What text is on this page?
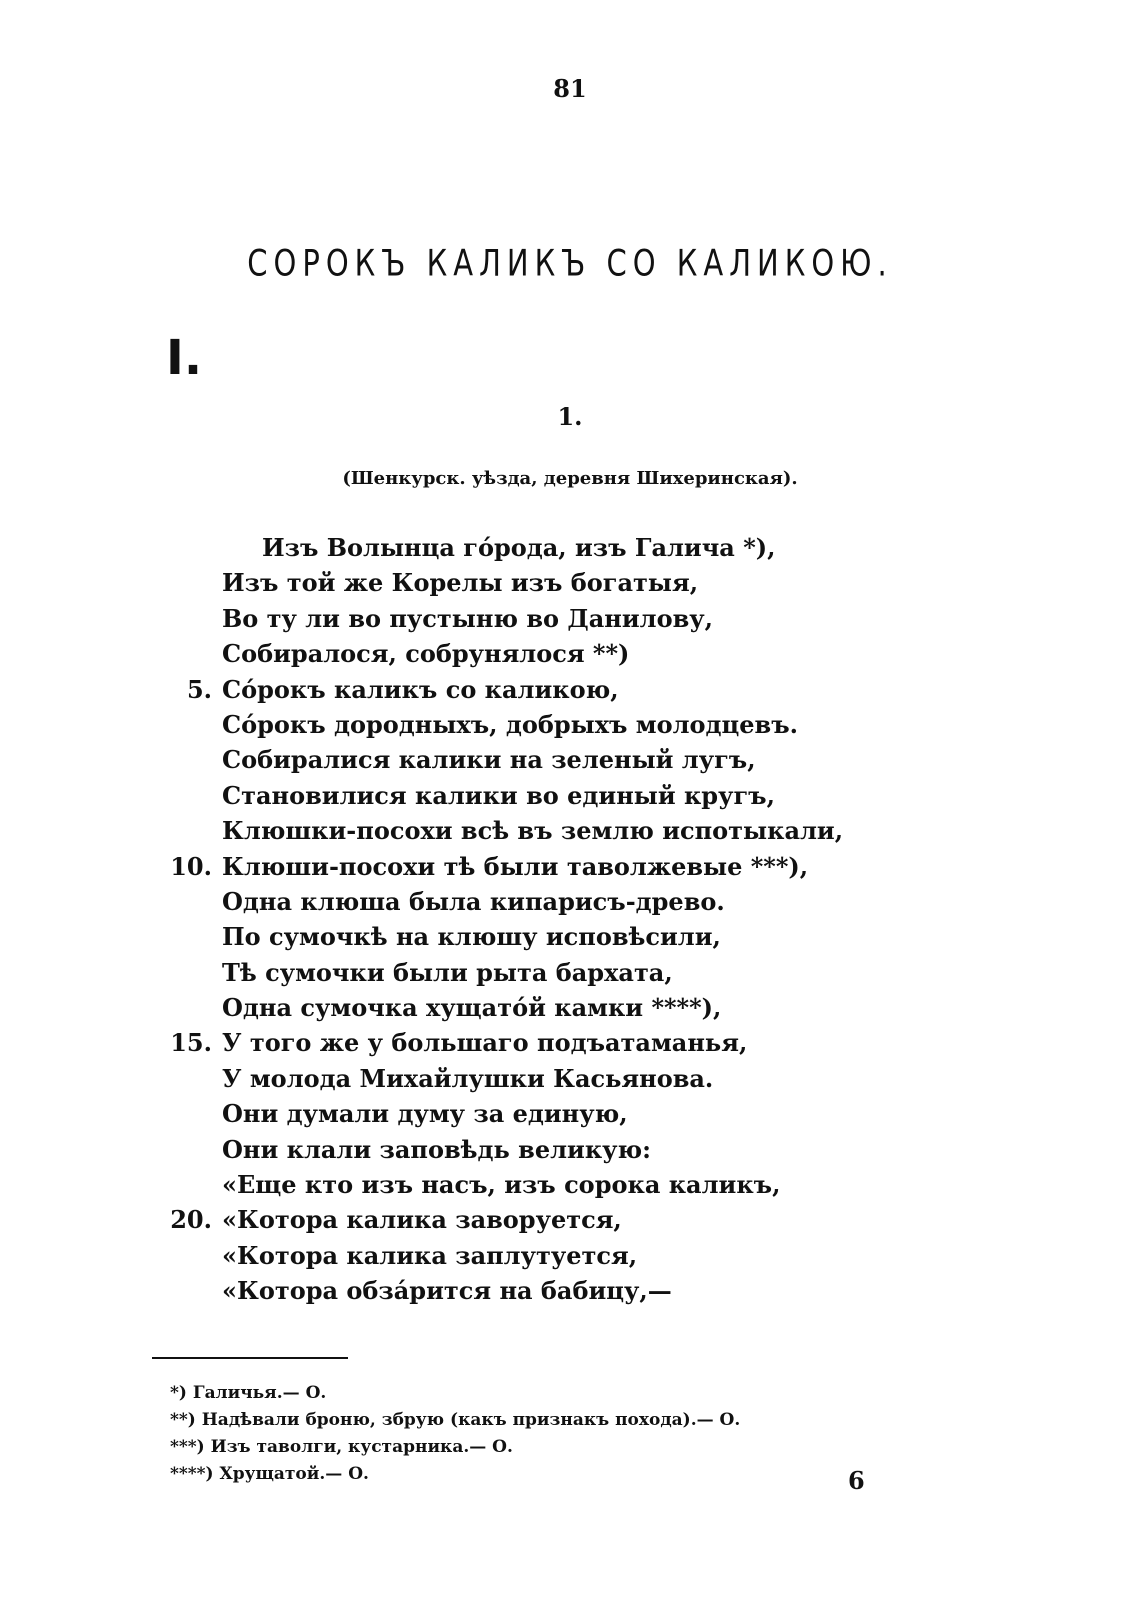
81
СОРОКЪ КАЛИКЪ СО КАЛИКОЮ.
I.
1.
(Шенкурск. уѣзда, деревня Шихеринская).
Изъ Волынца гóрода, изъ Галича *),
Изъ той же Корелы изъ богатыя,
Во ту ли во пустыню во Данилову,
Собиралося, собрунялося **)
5. Сóрокъ каликъ со каликою,
Сóрокъ дородныхъ, добрыхъ молодцевъ.
Собиралися калики на зеленый лугъ,
Становилися калики во единый кругъ,
Клюшки-посохи всѣ въ землю испотыкали,
10. Клюши-посохи тѣ были таволжевые ***),
Одна клюша была кипарисъ-древо.
По сумочкѣ на клюшу исповѣсили,
Тѣ сумочки были рыта бархата,
Одна сумочка хущатóй камки ****),
15. У того же у большаго подъатаманья,
У молода Михайлушки Касьянова.
Они думали думу за единую,
Они клали заповѣдь великую:
«Еще кто изъ насъ, изъ сорока каликъ,
20. «Котора калика заворуется,
«Котора калика заплутуется,
«Котора обзáрится на бабицу,—
*) Галичья.— О.
**) Надѣвали броню, збрую (какъ признакъ похода).— О.
***) Изъ таволги, кустарника.— О.
****) Хрущатой.— О.	6
